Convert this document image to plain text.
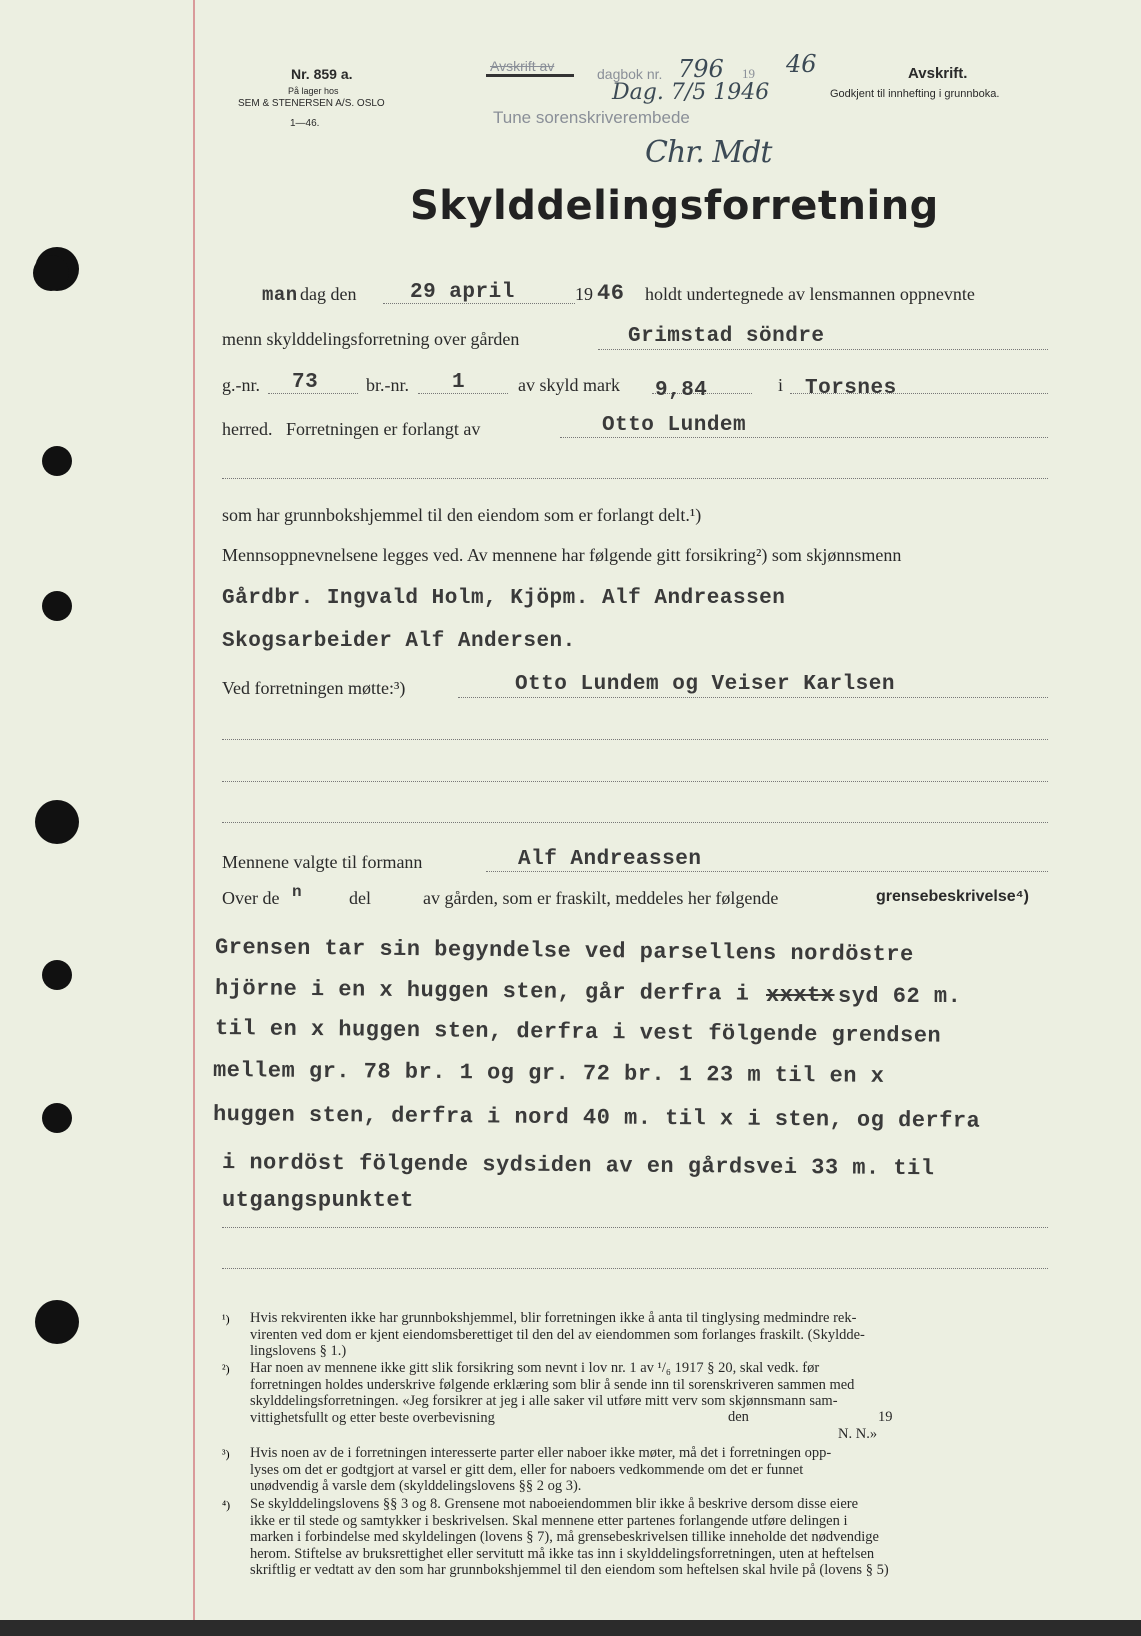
Nr. 859 a.
På lager hos
SEM & STENERSEN A/S. OSLO
1—46.
Avskrift av	dagbok nr. 796 19 46
Dag. 7/5 1946
Tune sorenskriverembede
Chr. Mdt
Avskrift.
Godkjent til innhefting i grunnboka.
Skylddelingsforretning
man dag den	29 april	19 46 holdt undertegnede av lensmannen oppnevnte
menn skylddelingsforretning over gården	Grimstad söndre
g.-nr. 73	br.-nr. 1	av skyld mark 9,84	i Torsnes
herred.   Forretningen er forlangt av	Otto Lundem
som har grunnbokshjemmel til den eiendom som er forlangt delt.¹)
Mennsoppnevnelsene legges ved. Av mennene har følgende gitt forsikring²) som skjønnsmenn
Gårdbr. Ingvald Holm, Kjöpm. Alf Andreassen
Skogsarbeider Alf Andersen.
Ved forretningen møtte:³)	Otto Lundem og Veiser Karlsen
Mennene valgte til formann	Alf Andreassen
Over de n	del	av gården, som er fraskilt, meddeles her følgende	grensebeskrivelse⁴)
Grensen tar sin begyndelse ved parsellens nordöstre
hjörne i en x huggen sten, går derfra i xxxtx syd 62 m.
til en x huggen sten, derfra i vest fölgende grendsen
mellem gr. 78 br. 1 og gr. 72 br. 1 23 m til en x
huggen sten, derfra i nord 40 m. til x i sten, og derfra
i nordöst fölgende sydsiden av en gårdsvei 33 m. til
utgangspunktet
¹) Hvis rekvirenten ikke har grunnbokshjemmel, blir forretningen ikke å anta til tinglysing medmindre rek-
virenten ved dom er kjent eiendomsberettiget til den del av eiendommen som forlanges fraskilt. (Skyldde-
lingslovens § 1.)
²) Har noen av mennene ikke gitt slik forsikring som nevnt i lov nr. 1 av ¹/₆ 1917 § 20, skal vedk. før
forretningen holdes underskrive følgende erklæring som blir å sende inn til sorenskriveren sammen med
skylddelingsforretningen. «Jeg forsikrer at jeg i alle saker vil utføre mitt verv som skjønnsmann sam-
vittighetsfullt og etter beste overbevisning	den	19
N. N.»
³) Hvis noen av de i forretningen interesserte parter eller naboer ikke møter, må det i forretningen opp-
lyses om det er godtgjort at varsel er gitt dem, eller for naboers vedkommende om det er funnet
unødvendig å varsle dem (skylddelingslovens §§ 2 og 3).
⁴) Se skylddelingslovens §§ 3 og 8. Grensene mot naboeiendommen blir ikke å beskrive dersom disse eiere
ikke er til stede og samtykker i beskrivelsen. Skal mennene etter partenes forlangende utføre delingen i
marken i forbindelse med skyldelingen (lovens § 7), må grensebeskrivelsen tillike inneholde det nødvendige
herom. Stiftelse av bruksrettighet eller servitutt må ikke tas inn i skylddelingsforretningen, uten at heftelsen
skriftlig er vedtatt av den som har grunnbokshjemmel til den eiendom som heftelsen skal hvile på (lovens § 5)
